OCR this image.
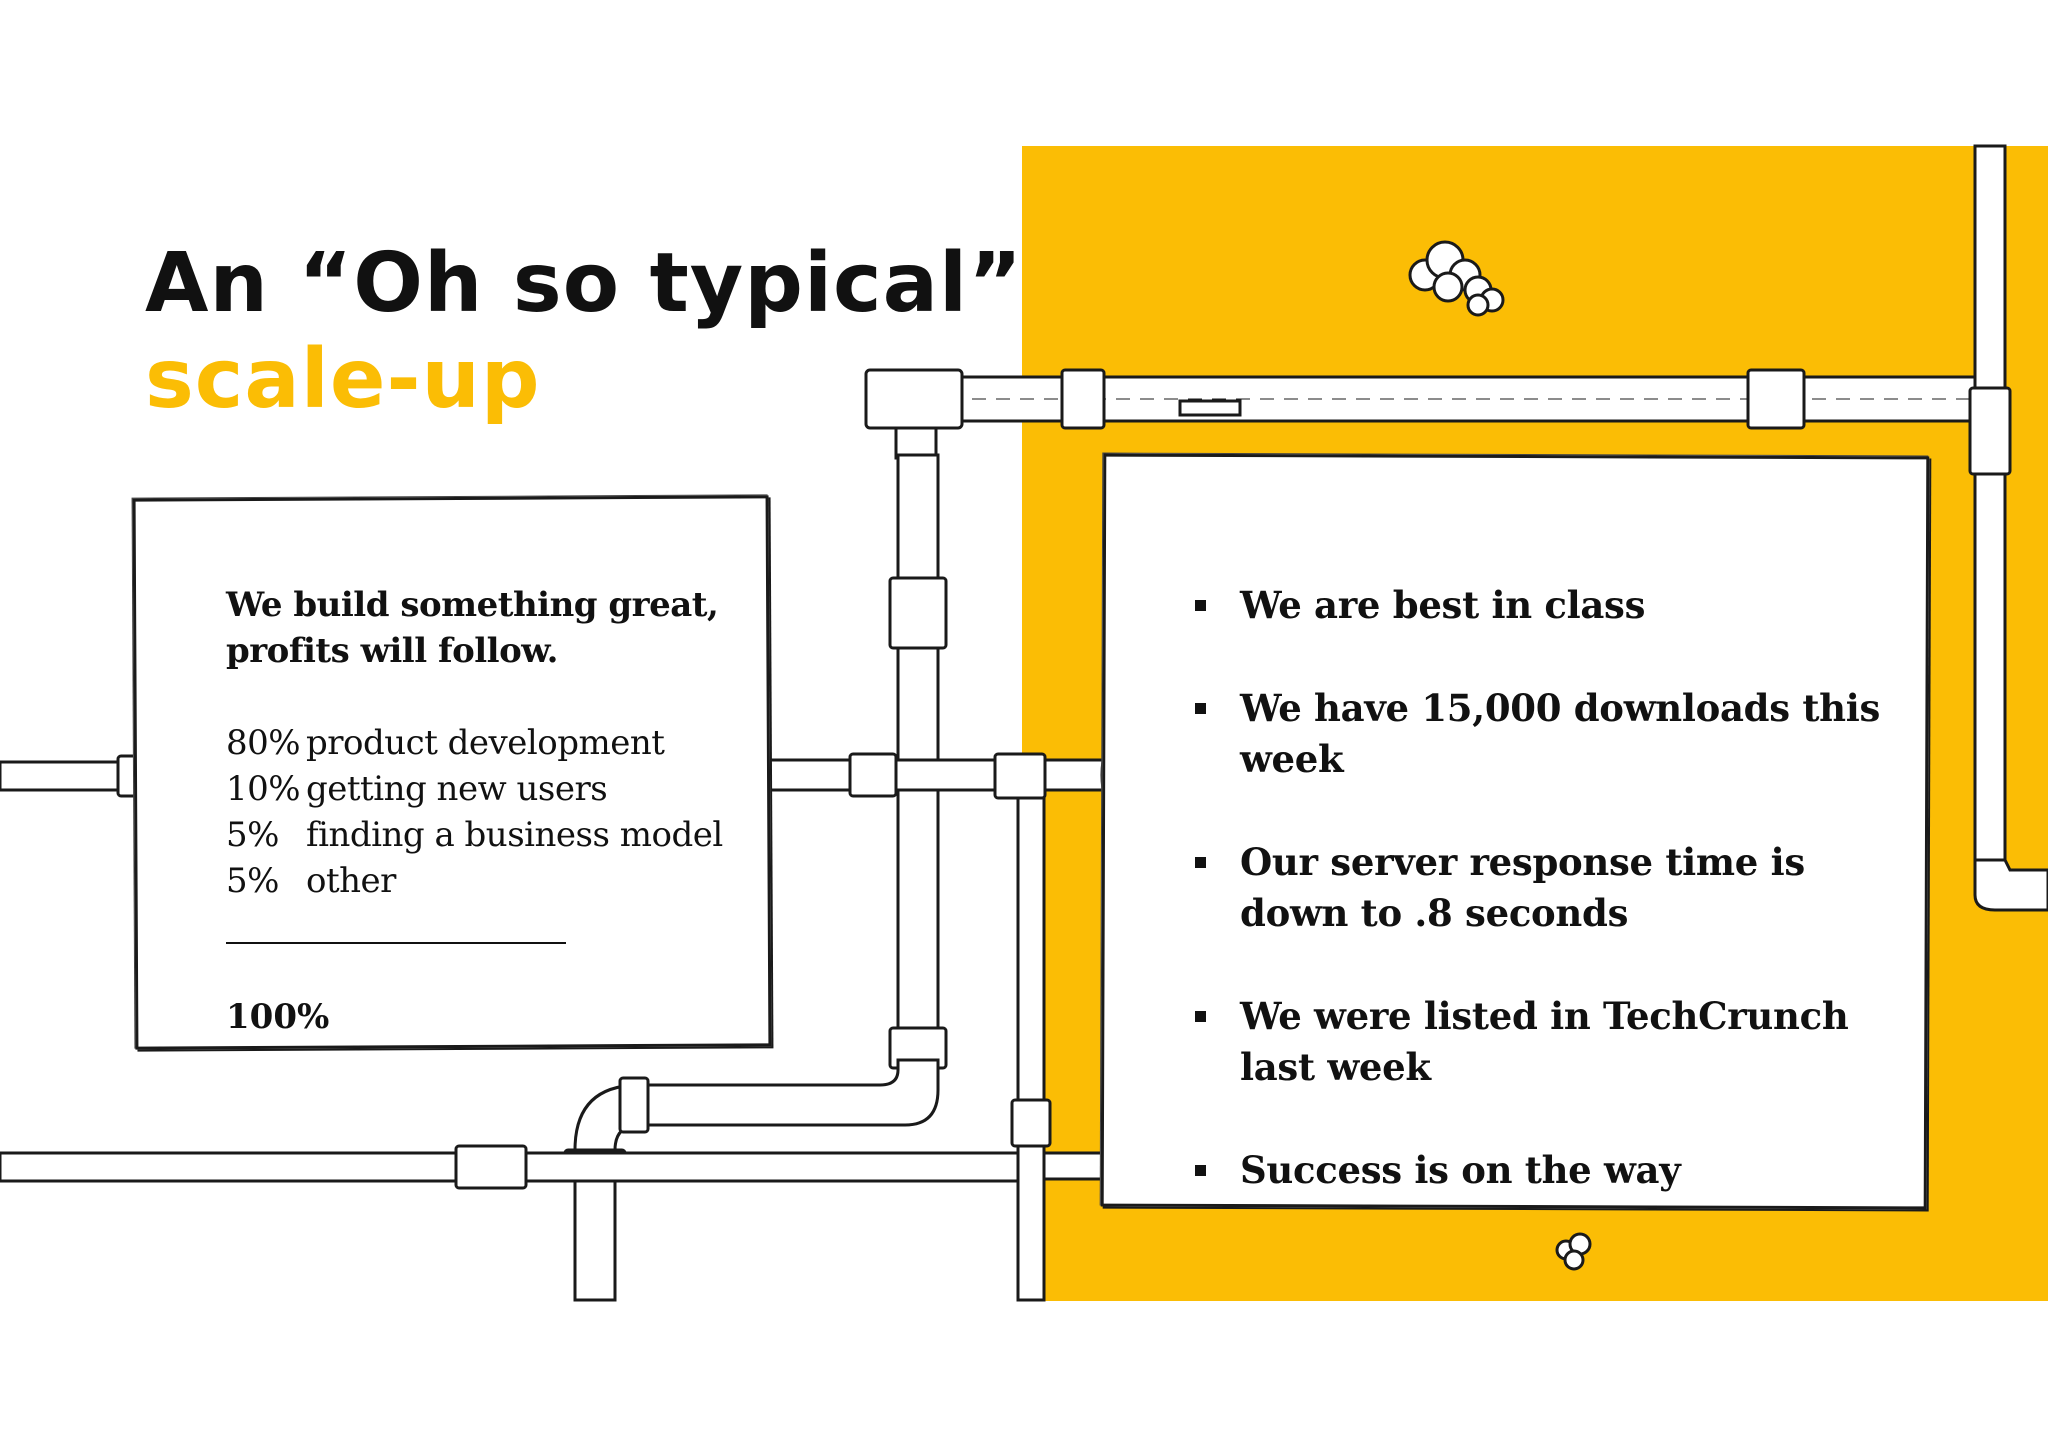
An “Oh so typical”
scale-up

We build something great, profits will follow.

80% product development
10% getting new users
5% finding a business model
5% other
100%
We are best in class
We have 15,000 downloads this week
Our server response time is down to .8 seconds
We were listed in TechCrunch last week
Success is on the way
